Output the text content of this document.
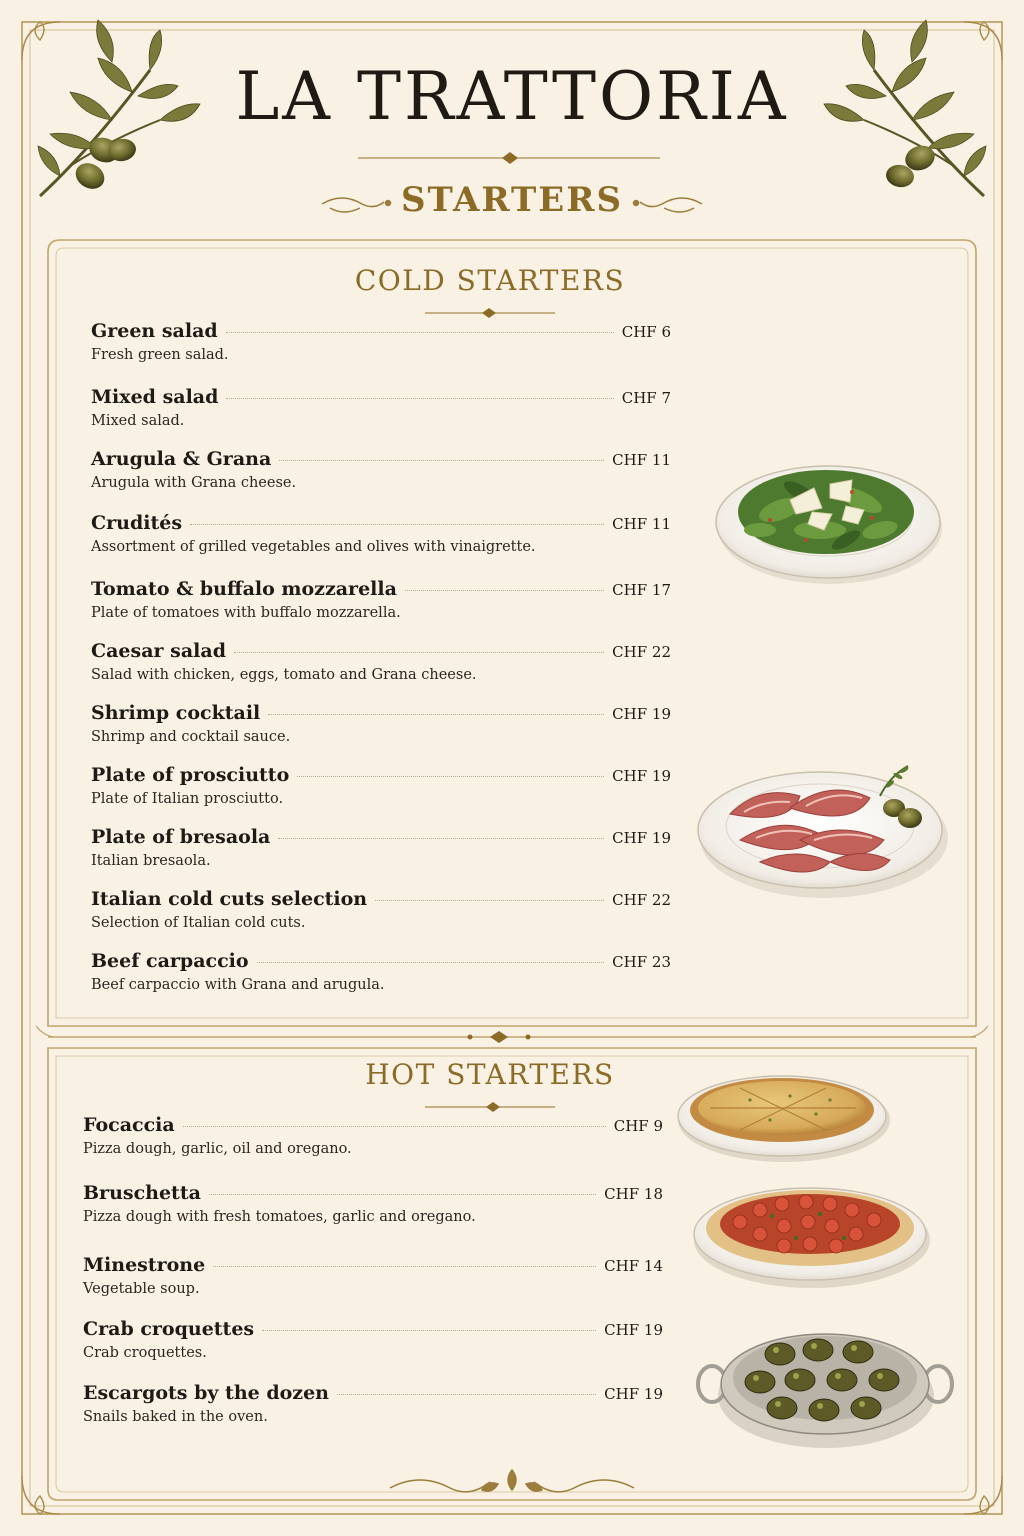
LA TRATTORIA
STARTERS
COLD STARTERS
Green salad	CHF 6
Fresh green salad.
Mixed salad	CHF 7
Mixed salad.
Arugula & Grana	CHF 11
Arugula with Grana cheese.
Crudités	CHF 11
Assortment of grilled vegetables and olives with vinaigrette.
Tomato & buffalo mozzarella	CHF 17
Plate of tomatoes with buffalo mozzarella.
Caesar salad	CHF 22
Salad with chicken, eggs, tomato and Grana cheese.
Shrimp cocktail	CHF 19
Shrimp and cocktail sauce.
Plate of prosciutto	CHF 19
Plate of Italian prosciutto.
Plate of bresaola	CHF 19
Italian bresaola.
Italian cold cuts selection	CHF 22
Selection of Italian cold cuts.
Beef carpaccio	CHF 23
Beef carpaccio with Grana and arugula.
HOT STARTERS
Focaccia	CHF 9
Pizza dough, garlic, oil and oregano.
Bruschetta	CHF 18
Pizza dough with fresh tomatoes, garlic and oregano.
Minestrone	CHF 14
Vegetable soup.
Crab croquettes	CHF 19
Crab croquettes.
Escargots by the dozen	CHF 19
Snails baked in the oven.
